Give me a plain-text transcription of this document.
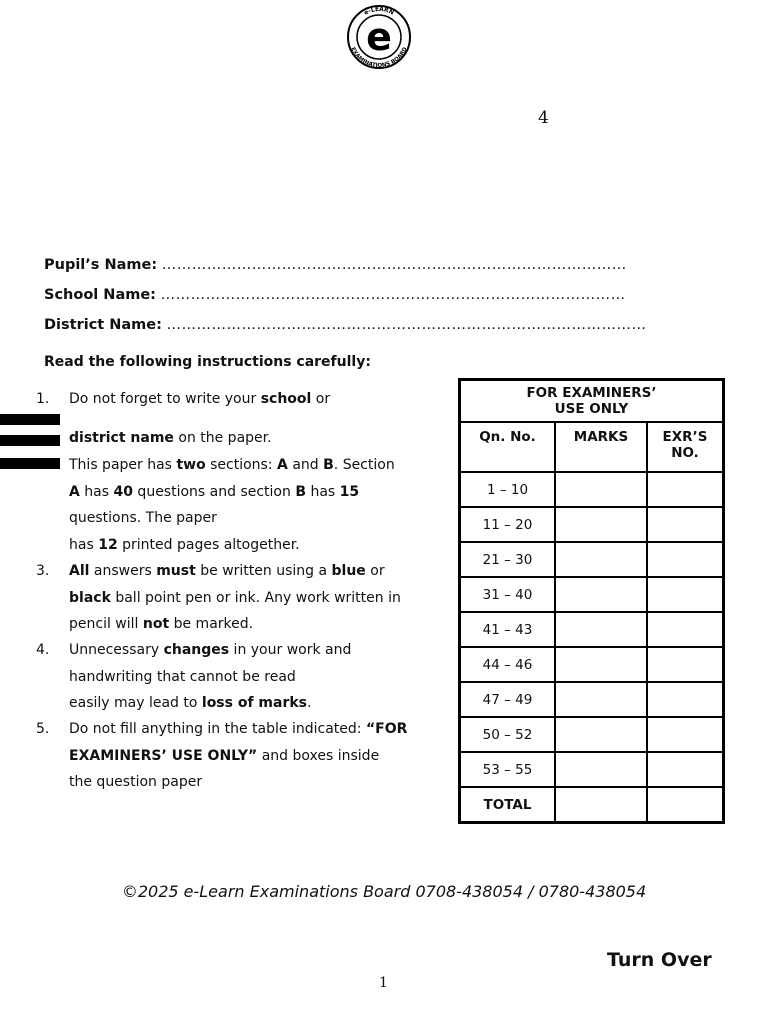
e-LEARN
EXAMINATIONS BOARD
e
4
Pupil’s Name: …………………………………………………………………………………
School Name: …………………………………………………………………………………
District Name: ……………………………………………………………………………………
Read the following instructions carefully:
1. Do not forget to write your school or
district name on the paper.
This paper has two sections: A and B. Section
A has 40 questions and section B has 15
questions. The paper
has 12 printed pages altogether.
3. All answers must be written using a blue or
black ball point pen or ink. Any work written in
pencil will not be marked.
4. Unnecessary changes in your work and
handwriting that cannot be read
easily may lead to loss of marks.
5. Do not fill anything in the table indicated: “FOR
EXAMINERS’ USE ONLY” and boxes inside
the question paper
FOR EXAMINERS’
USE ONLY		
Qn. No.	MARKS	EXR’S
NO.
1 – 10		
11 – 20		
21 – 30		
31 – 40		
41 – 43		
44 – 46		
47 – 49		
50 – 52		
53 – 55		
TOTAL		
©2025 e-Learn Examinations Board 0708-438054 / 0780-438054
Turn Over
1
